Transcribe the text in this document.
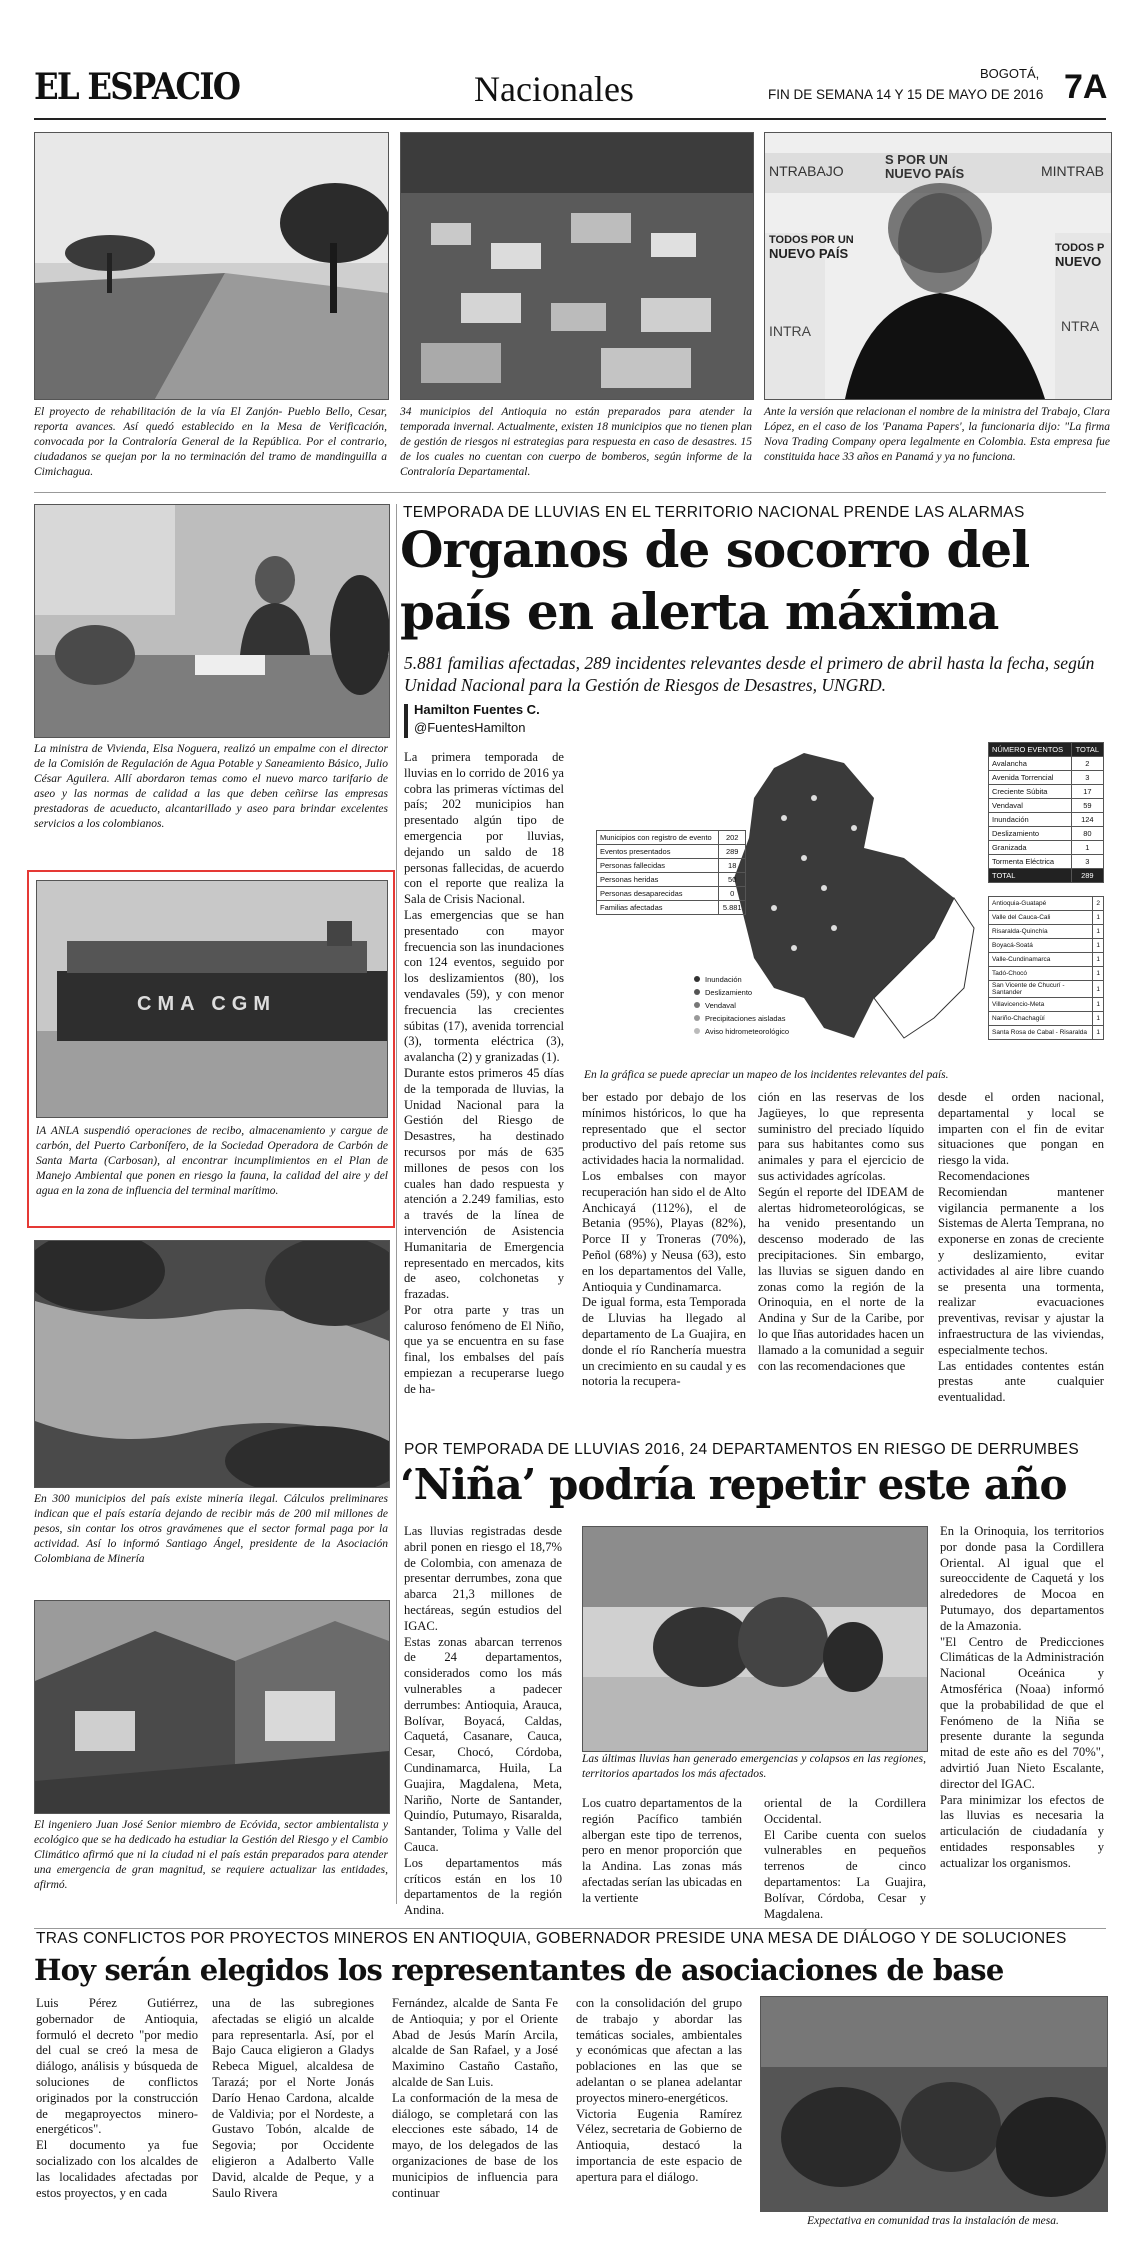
EL ESPACIO	Nacionales	BOGOTÁ,
FIN DE SEMANA 14 Y 15 DE MAYO DE 2016 7A
NTRABAJO
S POR UN
NUEVO PAÍS	MINTRAB
TODOS POR UN
NUEVO PAÍS	TODOS P
NUEVO
INTRA	NTRA
El proyecto de rehabilitación de la vía El Zanjón- Pueblo Bello, Cesar, reporta avances. Así quedó establecido en la Mesa de Verificación, convocada por la Contraloría General de la República. Por el contrario, ciudadanos se quejan por la no terminación del tramo de mandinguilla a Cimichagua.
34 municipios del Antioquia no están preparados para atender la temporada invernal. Actualmente, existen 18 municipios que no tienen plan de gestión de riesgos ni estrategias para respuesta en caso de desastres. 15 de los cuales no cuentan con cuerpo de bomberos, según informe de la Contraloría Departamental.
Ante la versión que relacionan el nombre de la ministra del Trabajo, Clara López, en el caso de los 'Panama Papers', la funcionaria dijo: "La firma Nova Trading Company opera legalmente en Colombia. Esta empresa fue constituida hace 33 años en Panamá y ya no funciona.
La ministra de Vivienda, Elsa Noguera, realizó un empalme con el director de la Comisión de Regulación de Agua Potable y Saneamiento Básico, Julio César Aguilera. Allí abordaron temas como el nuevo marco tarifario de aseo y las normas de calidad a las que deben ceñirse las empresas prestadoras de acueducto, alcantarillado y aseo para brindar excelentes servicios a los colombianos.
CMA CGM
lA ANLA suspendió operaciones de recibo, almacenamiento y cargue de carbón, del Puerto Carbonífero, de la Sociedad Operadora de Carbón de Santa Marta (Carbosan), al encontrar incumplimientos en el Plan de Manejo Ambiental que ponen en riesgo la fauna, la calidad del aire y del agua en la zona de influencia del terminal marítimo.
En 300 municipios del país existe minería ilegal. Cálculos preliminares indican que el país estaría dejando de recibir más de 200 mil millones de pesos, sin contar los otros gravámenes que el sector formal paga por la actividad. Así lo informó Santiago Ángel, presidente de la Asociación Colombiana de Minería
El ingeniero Juan José Senior miembro de Ecóvida, sector ambientalista y ecológico que se ha dedicado ha estudiar la Gestión del Riesgo y el Cambio Climático afirmó que ni la ciudad ni el país están preparados para atender una emergencia de gran magnitud, se requiere actualizar las entidades, afirmó.
TEMPORADA DE LLUVIAS EN EL TERRITORIO NACIONAL PRENDE LAS ALARMAS
Organos de socorro del
país en alerta máxima
5.881 familias afectadas, 289 incidentes relevantes desde el primero de abril hasta la fecha, según Unidad Nacional para la Gestión de Riesgos de Desastres, UNGRD.
Hamilton Fuentes C.
@FuentesHamilton
La primera temporada de lluvias en lo corrido de 2016 ya cobra las primeras víctimas del país; 202 municipios han presentado algún tipo de emergencia por lluvias, dejando un saldo de 18 personas fallecidas, de acuerdo con el reporte que realiza la Sala de Crisis Nacional.
Las emergencias que se han presentado con mayor frecuencia son las inundaciones con 124 eventos, seguido por los deslizamientos (80), los vendavales (59), y con menor frecuencia las crecientes súbitas (17), avenida torrencial (3), tormenta eléctrica (3), avalancha (2) y granizadas (1).
Durante estos primeros 45 días de la temporada de lluvias, la Unidad Nacional para la Gestión del Riesgo de Desastres, ha destinado recursos por más de 635 millones de pesos con los cuales han dado respuesta y atención a 2.249 familias, esto a través de la línea de intervención de Asistencia Humanitaria de Emergencia representado en mercados, kits de aseo, colchonetas y frazadas.
Por otra parte y tras un caluroso fenómeno de El Niño, que ya se encuentra en su fase final, los embalses del país empiezan a recuperarse luego de ha-
Inundación
Deslizamiento
Vendaval
Precipitaciones aisladas
Aviso hidrometeorológico
Municipios con registro de evento	202
Eventos presentados	289
Personas fallecidas	18
Personas heridas	50
Personas desaparecidas	0
Familias afectadas	5.881
NÚMERO EVENTOS	TOTAL
Avalancha	2
Avenida Torrencial	3
Creciente Súbita	17
Vendaval	59
Inundación	124
Deslizamiento	80
Granizada	1
Tormenta Eléctrica	3
TOTAL	289
Antioquia-Guatapé	2
Valle del Cauca-Cali	1
Risaralda-Quinchía	1
Boyacá-Soatá	1
Valle-Cundinamarca	1
Tadó-Chocó	1
San Vicente de Chucurí - Santander	1
Villavicencio-Meta	1
Nariño-Chachagüí	1
Santa Rosa de Cabal - Risaralda	1
En la gráfica se puede apreciar un mapeo de los incidentes relevantes del país.
ber estado por debajo de los mínimos históricos, lo que ha representado que el sector productivo del país retome sus actividades hacia la normalidad.
Los embalses con mayor recuperación han sido el de Alto Anchicayá (112%), el de Betania (95%), Playas (82%), Porce II y Troneras (70%), Peñol (68%) y Neusa (63), esto en los departamentos del Valle, Antioquia y Cundinamarca.
De igual forma, esta Temporada de Lluvias ha llegado al departamento de La Guajira, en donde el río Ranchería muestra un crecimiento en su caudal y es notoria la recupera-
ción en las reservas de los Jagüeyes, lo que representa suministro del preciado líquido para sus habitantes como sus animales y para el ejercicio de sus actividades agrícolas.
Según el reporte del IDEAM de alertas hidrometeorológicas, se ha venido presentando un descenso moderado de las precipitaciones. Sin embargo, las lluvias se siguen dando en zonas como la región de la Orinoquia, en el norte de la Andina y Sur de la Caribe, por lo que Iñas autoridades hacen un llamado a la comunidad a seguir con las recomendaciones que
desde el orden nacional, departamental y local se imparten con el fin de evitar situaciones que pongan en riesgo la vida.
Recomendaciones
Recomiendan mantener vigilancia permanente a los Sistemas de Alerta Temprana, no exponerse en zonas de creciente y deslizamiento, evitar actividades al aire libre cuando se presenta una tormenta, realizar evacuaciones preventivas, revisar y ajustar la infraestructura de las viviendas, especialmente techos.
Las entidades contentes están prestas ante cualquier eventualidad.
POR TEMPORADA DE LLUVIAS 2016, 24 DEPARTAMENTOS EN RIESGO DE DERRUMBES
‘Niña’ podría repetir este año
Las lluvias registradas desde abril ponen en riesgo el 18,7% de Colombia, con amenaza de presentar derrumbes, zona que abarca 21,3 millones de hectáreas, según estudios del IGAC.
Estas zonas abarcan terrenos de 24 departamentos, considerados como los más vulnerables a padecer derrumbes: Antioquia, Arauca, Bolívar, Boyacá, Caldas, Caquetá, Casanare, Cauca, Cesar, Chocó, Córdoba, Cundinamarca, Huila, La Guajira, Magdalena, Meta, Nariño, Norte de Santander, Quindío, Putumayo, Risaralda, Santander, Tolima y Valle del Cauca.
Los departamentos más críticos están en los 10 departamentos de la región Andina.
Las últimas lluvias han generado emergencias y colapsos en las regiones, territorios apartados los más afectados.
Los cuatro departamentos de la región Pacífico también albergan este tipo de terrenos, pero en menor proporción que la Andina. Las zonas más afectadas serían las ubicadas en la vertiente
oriental de la Cordillera Occidental.
El Caribe cuenta con suelos vulnerables en pequeños terrenos de cinco departamentos: La Guajira, Bolívar, Córdoba, Cesar y Magdalena.
En la Orinoquia, los territorios por donde pasa la Cordillera Oriental. Al igual que el sureoccidente de Caquetá y los alrededores de Mocoa en Putumayo, dos departamentos de la Amazonia.
"El Centro de Predicciones Climáticas de la Administración Nacional Oceánica y Atmosférica (Noaa) informó que la probabilidad de que el Fenómeno de la Niña se presente durante la segunda mitad de este año es del 70%", advirtió Juan Nieto Escalante, director del IGAC.
Para minimizar los efectos de las lluvias es necesaria la articulación de ciudadanía y entidades responsables y actualizar los organismos.
TRAS CONFLICTOS POR PROYECTOS MINEROS EN ANTIOQUIA, GOBERNADOR PRESIDE UNA MESA DE DIÁLOGO Y DE SOLUCIONES
Hoy serán elegidos los representantes de asociaciones de base
Luis Pérez Gutiérrez, gobernador de Antioquia, formuló el decreto "por medio del cual se creó la mesa de diálogo, análisis y búsqueda de soluciones de conflictos originados por la construcción de megaproyectos minero-energéticos".
El documento ya fue socializado con los alcaldes de las localidades afectadas por estos proyectos, y en cada
una de las subregiones afectadas se eligió un alcalde para representarla. Así, por el Bajo Cauca eligieron a Gladys Rebeca Miguel, alcaldesa de Tarazá; por el Norte Jonás Darío Henao Cardona, alcalde de Valdivia; por el Nordeste, a Gustavo Tobón, alcalde de Segovia; por Occidente eligieron a Adalberto Valle David, alcalde de Peque, y a Saulo Rivera
Fernández, alcalde de Santa Fe de Antioquia; y por el Oriente Abad de Jesús Marín Arcila, alcalde de San Rafael, y a José Maximino Castaño Castaño, alcalde de San Luis.
La conformación de la mesa de diálogo, se completará con las elecciones este sábado, 14 de mayo, de los delegados de las organizaciones de base de los municipios de influencia para continuar
con la consolidación del grupo de trabajo y abordar las temáticas sociales, ambientales y económicas que afectan a las poblaciones en las que se adelantan o se planea adelantar proyectos minero-energéticos.
Victoria Eugenia Ramírez Vélez, secretaria de Gobierno de Antioquia, destacó la importancia de este espacio de apertura para el diálogo.
Expectativa en comunidad tras la instalación de mesa.
